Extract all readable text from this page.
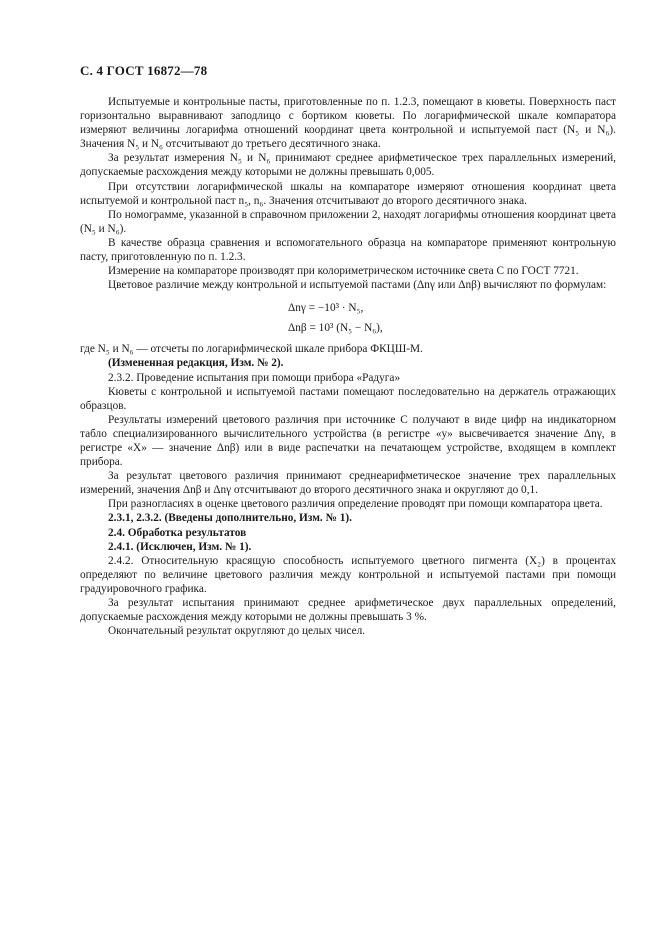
С. 4 ГОСТ 16872—78

Испытуемые и контрольные пасты, приготовленные по п. 1.2.3, помещают в кюветы. Поверхность паст горизонтально выравнивают заподлицо с бортиком кюветы. По логарифмической шкале компаратора измеряют величины логарифма отношений координат цвета контрольной и испытуемой паст (N₅ и N₆). Значения N₅ и N₆ отсчитывают до третьего десятичного знака.

За результат измерения N₅ и N₆ принимают среднее арифметическое трех параллельных измерений, допускаемые расхождения между которыми не должны превышать 0,005.

При отсутствии логарифмической шкалы на компараторе измеряют отношения координат цвета испытуемой и контрольной паст n₅, n₆. Значения отсчитывают до второго десятичного знака.

По номограмме, указанной в справочном приложении 2, находят логарифмы отношения координат цвета (N₅ и N₆).

В качестве образца сравнения и вспомогательного образца на компараторе применяют контрольную пасту, приготовленную по п. 1.2.3.

Измерение на компараторе производят при колориметрическом источнике света С по ГОСТ 7721.

Цветовое различие между контрольной и испытуемой пастами (Δnγ или Δnβ) вычисляют по формулам:

Δnγ = −10³ · N₅,
Δnβ = 10³ (N₅ − N₆),

где N₅ и N₆ — отсчеты по логарифмической шкале прибора ФКЦШ-М.

(Измененная редакция, Изм. № 2).

2.3.2. Проведение испытания при помощи прибора «Радуга»

Кюветы с контрольной и испытуемой пастами помещают последовательно на держатель отражающих образцов.

Результаты измерений цветового различия при источнике С получают в виде цифр на индикаторном табло специализированного вычислительного устройства (в регистре «y» высвечивается значение Δnγ, в регистре «X» — значение Δnβ) или в виде распечатки на печатающем устройстве, входящем в комплект прибора.

За результат цветового различия принимают среднеарифметическое значение трех параллельных измерений, значения Δnβ и Δnγ отсчитывают до второго десятичного знака и округляют до 0,1.

При разногласиях в оценке цветового различия определение проводят при помощи компаратора цвета.

2.3.1, 2.3.2. (Введены дополнительно, Изм. № 1).

2.4. Обработка результатов

2.4.1. (Исключен, Изм. № 1).

2.4.2. Относительную красящую способность испытуемого цветного пигмента (X₂) в процентах определяют по величине цветового различия между контрольной и испытуемой пастами при помощи градуировочного графика.

За результат испытания принимают среднее арифметическое двух параллельных определений, допускаемые расхождения между которыми не должны превышать 3 %.

Окончательный результат округляют до целых чисел.
